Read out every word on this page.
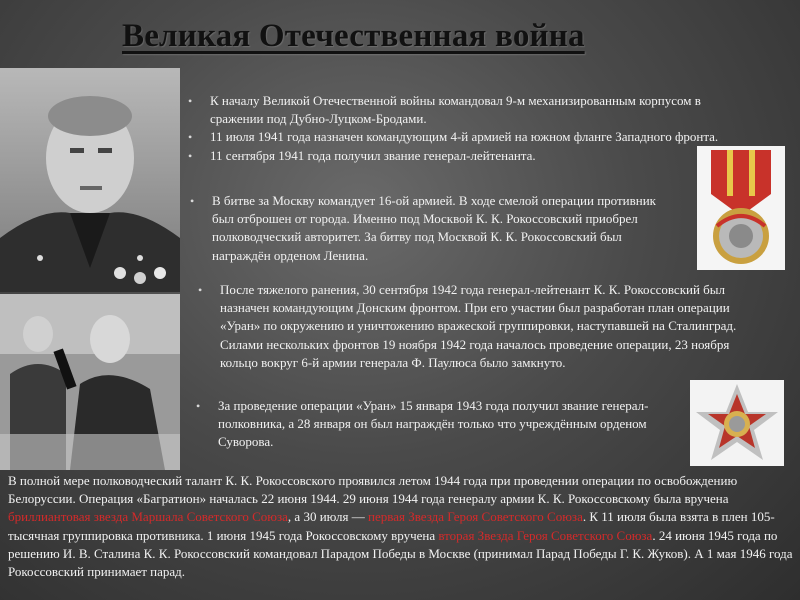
Великая Отечественная война
• К началу Великой Отечественной войны командовал 9-м механизированным корпусом в сражении под Дубно-Луцком-Бродами.
• 11 июля 1941 года назначен командующим 4-й армией на южном фланге Западного фронта.
• 11 сентября 1941 года получил звание генерал-лейтенанта.
• В битве за Москву командует 16-ой армией. В ходе смелой операции противник был отброшен от города. Именно под Москвой К. К. Рокоссовский приобрел полководческий авторитет. За битву под Москвой К. К. Рокоссовский был награждён орденом Ленина.
• После тяжелого ранения, 30 сентября 1942 года генерал-лейтенант К. К. Рокоссовский был назначен командующим Донским фронтом. При его участии был разработан план операции «Уран» по окружению и уничтожению вражеской группировки, наступавшей на Сталинград. Силами нескольких фронтов 19 ноября 1942 года началось проведение операции, 23 ноября кольцо вокруг 6-й армии генерала Ф. Паулюса было замкнуто.
• За проведение операции «Уран» 15 января 1943 года получил звание генерал-полковника, а 28 января он был награждён только что учреждённым орденом Суворова.

В полной мере полководческий талант К. К. Рокоссовского проявился летом 1944 года при проведении операции по освобождению Белоруссии. Операция «Багратион» началась 22 июня 1944. 29 июня 1944 года генералу армии К. К. Рокоссовскому была вручена бриллиантовая звезда Маршала Советского Союза, а 30 июля — первая Звезда Героя Советского Союза. К 11 июля была взята в плен 105-тысячная группировка противника. 1 июня 1945 года Рокоссовскому вручена вторая Звезда Героя Советского Союза. 24 июня 1945 года по решению И. В. Сталина К. К. Рокоссовский командовал Парадом Победы в Москве (принимал Парад Победы Г. К. Жуков). А 1 мая 1946 года Рокоссовский принимает парад.
